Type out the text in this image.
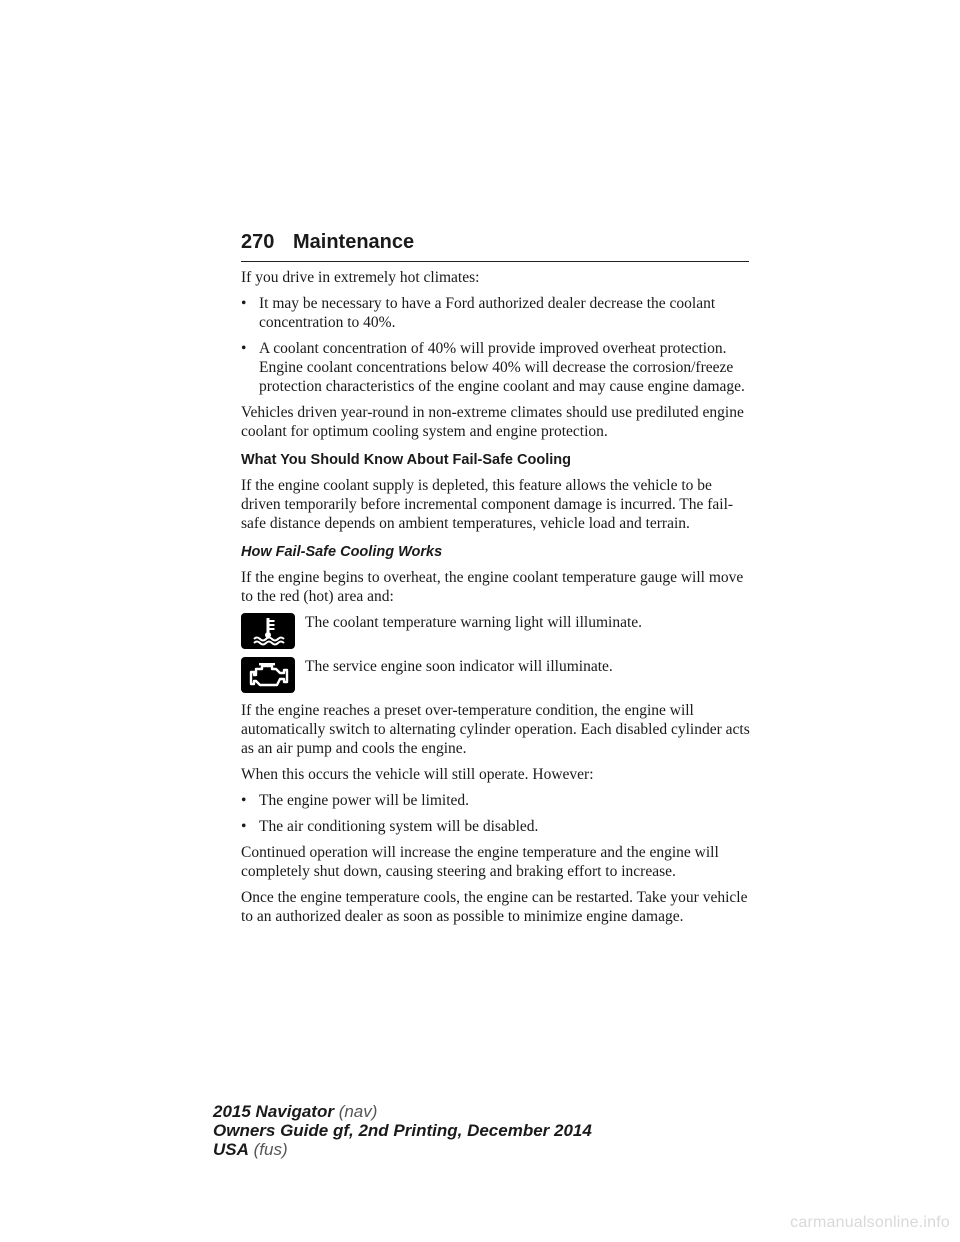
270 Maintenance

If you drive in extremely hot climates:

• It may be necessary to have a Ford authorized dealer decrease the coolant concentration to 40%.
• A coolant concentration of 40% will provide improved overheat protection. Engine coolant concentrations below 40% will decrease the corrosion/freeze protection characteristics of the engine coolant and may cause engine damage.

Vehicles driven year-round in non-extreme climates should use prediluted engine coolant for optimum cooling system and engine protection.

What You Should Know About Fail-Safe Cooling

If the engine coolant supply is depleted, this feature allows the vehicle to be driven temporarily before incremental component damage is incurred. The fail-safe distance depends on ambient temperatures, vehicle load and terrain.

How Fail-Safe Cooling Works

If the engine begins to overheat, the engine coolant temperature gauge will move to the red (hot) area and:

The coolant temperature warning light will illuminate.
The service engine soon indicator will illuminate.

If the engine reaches a preset over-temperature condition, the engine will automatically switch to alternating cylinder operation. Each disabled cylinder acts as an air pump and cools the engine.

When this occurs the vehicle will still operate. However:

• The engine power will be limited.
• The air conditioning system will be disabled.

Continued operation will increase the engine temperature and the engine will completely shut down, causing steering and braking effort to increase.

Once the engine temperature cools, the engine can be restarted. Take your vehicle to an authorized dealer as soon as possible to minimize engine damage.

2015 Navigator (nav)
Owners Guide gf, 2nd Printing, December 2014
USA (fus)
carmanualsonline.info
